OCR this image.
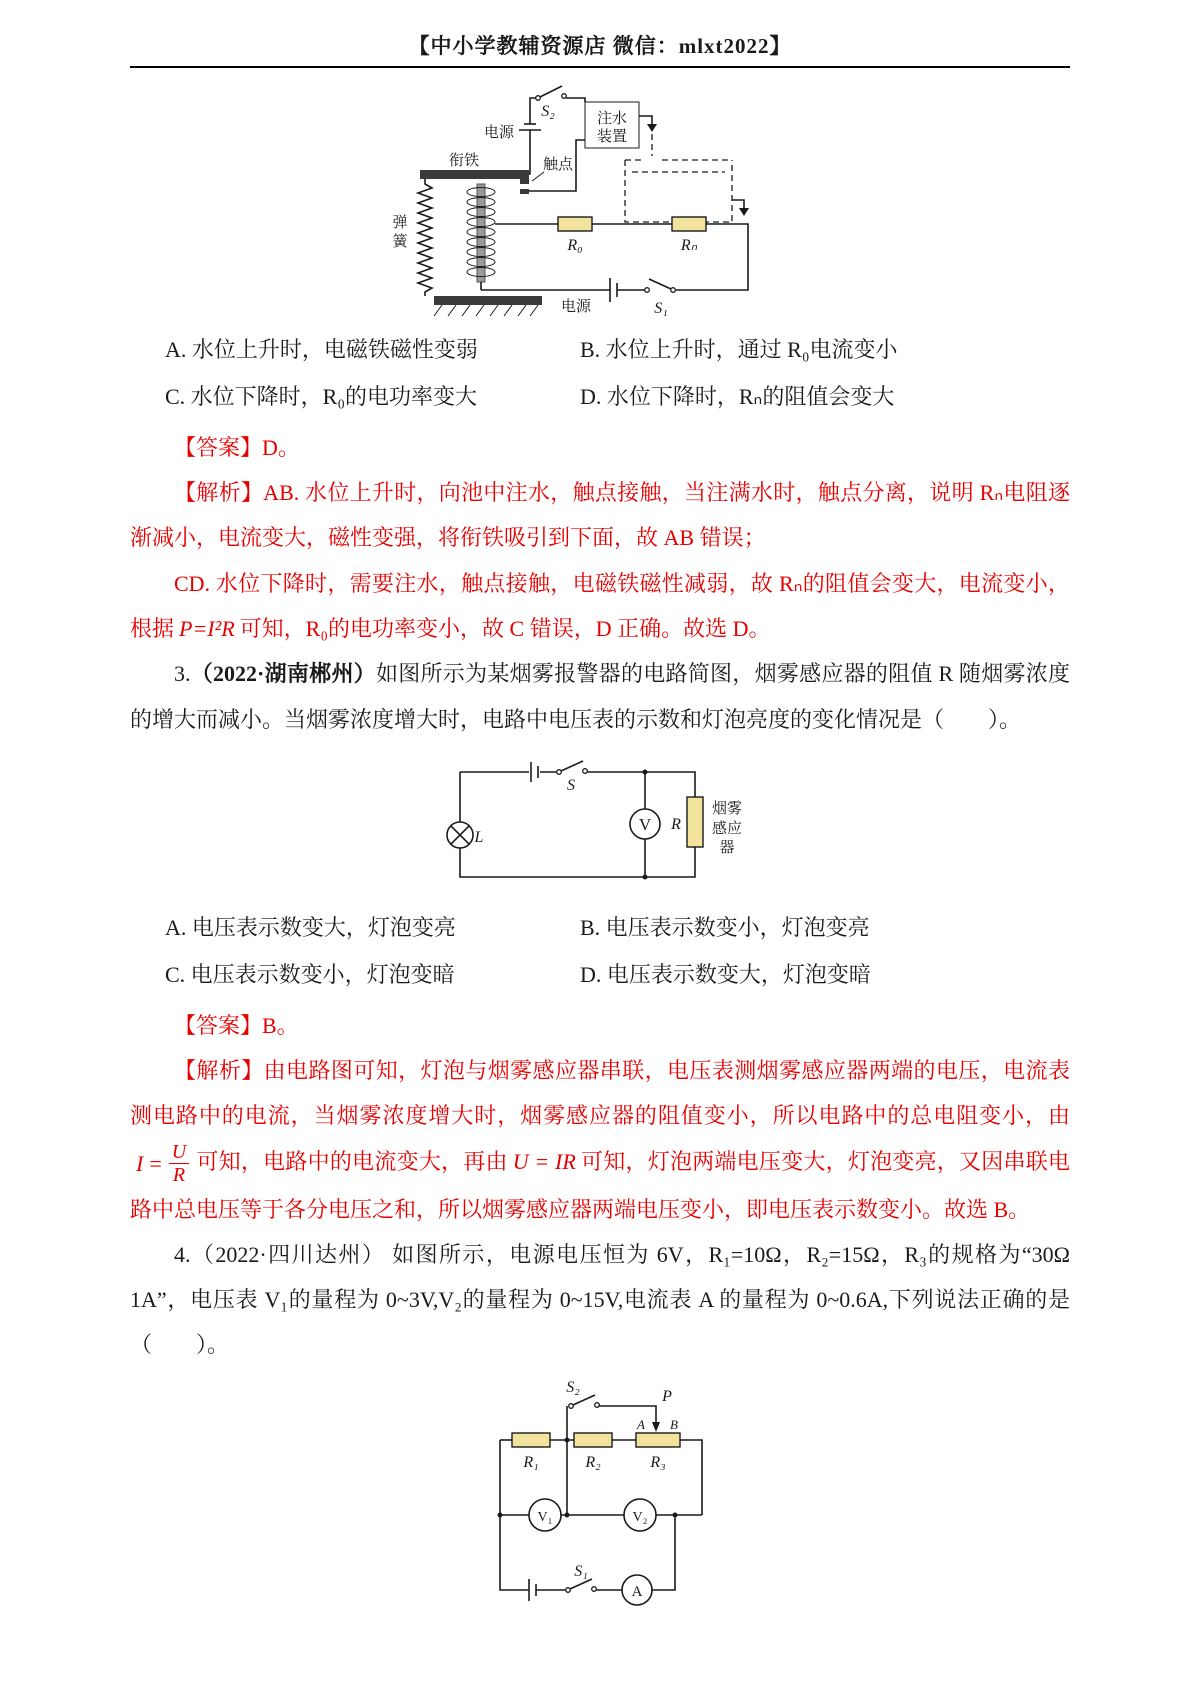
【中小学教辅资源店 微信：mlxt2022】
S₂
电源
注水
装置
衔铁	触点
弹
簧	R₀	Rₙ
电源	S₁
A. 水位上升时，电磁铁磁性变弱	B. 水位上升时，通过 R₀电流变小
C. 水位下降时，R₀的电功率变大	D. 水位下降时，Rₙ的阻值会变大

【答案】D。

【解析】AB. 水位上升时，向池中注水，触点接触，当注满水时，触点分离，说明 Rₙ电阻逐渐减小，电流变大，磁性变强，将衔铁吸引到下面，故 AB 错误；

CD. 水位下降时，需要注水，触点接触，电磁铁磁性减弱，故 Rₙ的阻值会变大，电流变小，根据 P=I²R 可知，R₀的电功率变小，故 C 错误，D 正确。故选 D。

3.（2022·湖南郴州）如图所示为某烟雾报警器的电路简图，烟雾感应器的阻值 R 随烟雾浓度的增大而减小。当烟雾浓度增大时，电路中电压表的示数和灯泡亮度的变化情况是（　　）。

S
L
V R
烟雾
感应
器
A. 电压表示数变大，灯泡变亮	B. 电压表示数变小，灯泡变亮
C. 电压表示数变小，灯泡变暗	D. 电压表示数变大，灯泡变暗

【答案】B。

【解析】由电路图可知，灯泡与烟雾感应器串联，电压表测烟雾感应器两端的电压，电流表测电路中的电流，当烟雾浓度增大时，烟雾感应器的阻值变小，所以电路中的总电阻变小，由
$I = \frac{U}{R}$ 可知，电路中的电流变大，再由 U = IR 可知，灯泡两端电压变大，灯泡变亮，又因串联电路中总电压等于各分电压之和，所以烟雾感应器两端电压变小，即电压表示数变小。故选 B。

4.（2022·四川达州） 如图所示，电源电压恒为 6V，R₁=10Ω，R₂=15Ω，R₃的规格为“30Ω 1A”，电压表 V₁的量程为 0~3V,V₂的量程为 0~15V,电流表 A 的量程为 0~0.6A,下列说法正确的是（　　）。

S₂
P
A B
R₁	R₂	R₃
V₁	V₂
S₁
A
